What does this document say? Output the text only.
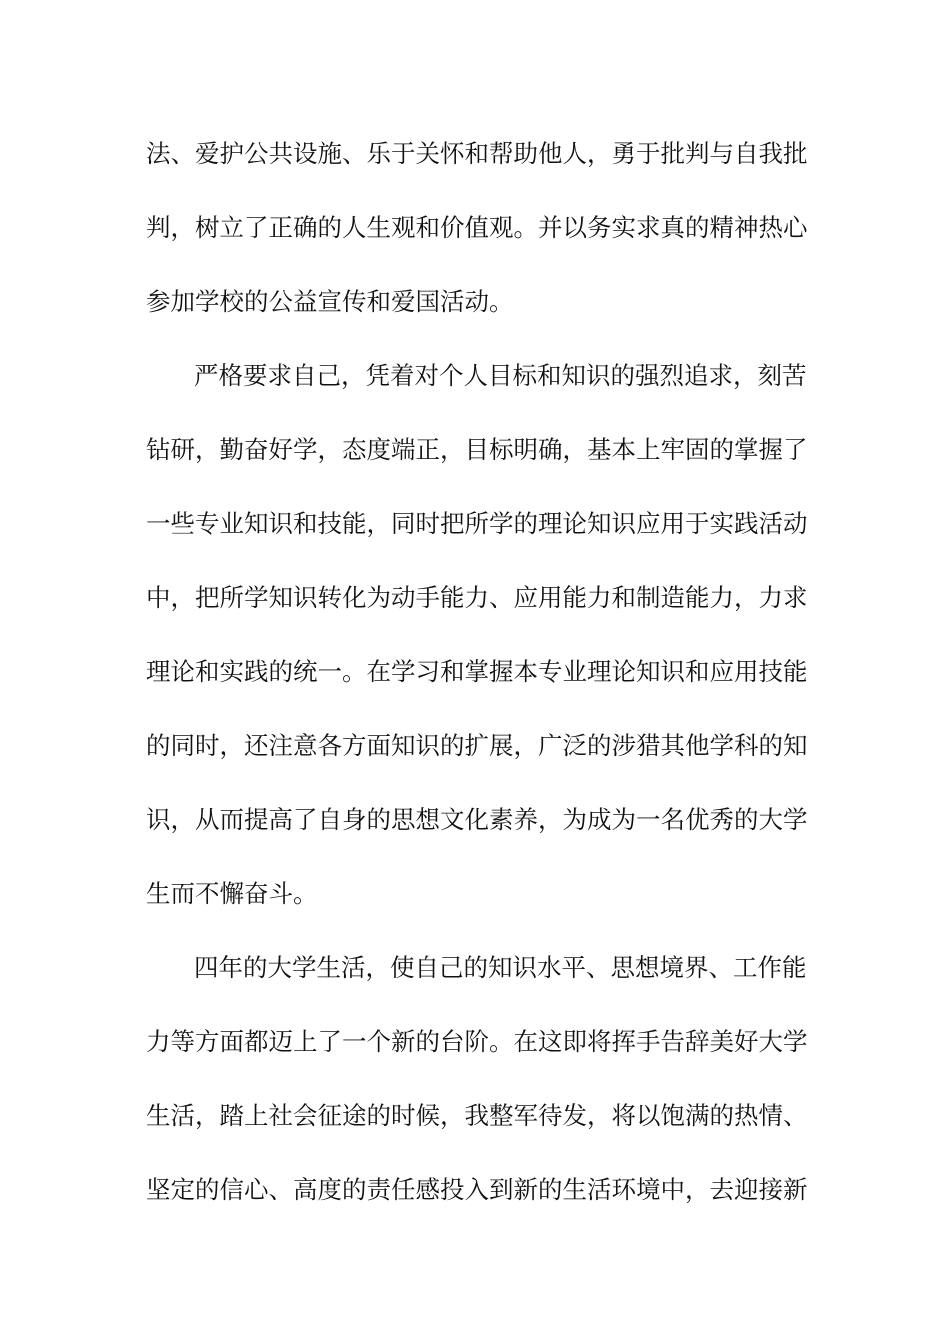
法、爱护公共设施、乐于关怀和帮助他人，勇于批判与自我批
判，树立了正确的人生观和价值观。并以务实求真的精神热心
参加学校的公益宣传和爱国活动。
严格要求自己，凭着对个人目标和知识的强烈追求，刻苦
钻研，勤奋好学，态度端正，目标明确，基本上牢固的掌握了
一些专业知识和技能，同时把所学的理论知识应用于实践活动
中，把所学知识转化为动手能力、应用能力和制造能力，力求
理论和实践的统一。在学习和掌握本专业理论知识和应用技能
的同时，还注意各方面知识的扩展，广泛的涉猎其他学科的知
识，从而提高了自身的思想文化素养，为成为一名优秀的大学
生而不懈奋斗。
四年的大学生活，使自己的知识水平、思想境界、工作能
力等方面都迈上了一个新的台阶。在这即将挥手告辞美好大学
生活，踏上社会征途的时候，我整军待发，将以饱满的热情、
坚定的信心、高度的责任感投入到新的生活环境中，去迎接新
